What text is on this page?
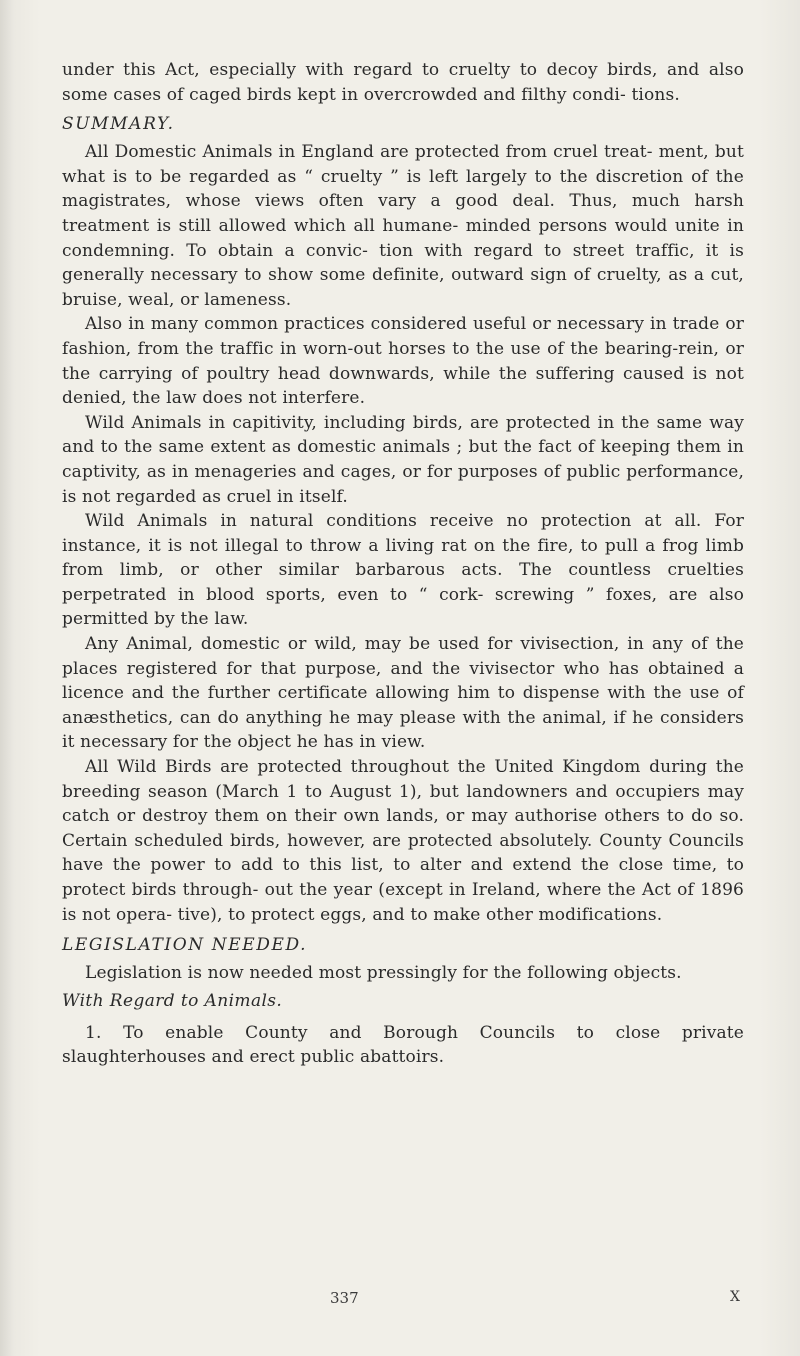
under this Act, especially with regard to cruelty to decoy birds, and also some cases of caged birds kept in overcrowded and filthy condi- tions.

SUMMARY.

All Domestic Animals in England are protected from cruel treat- ment, but what is to be regarded as “ cruelty ” is left largely to the discretion of the magistrates, whose views often vary a good deal. Thus, much harsh treatment is still allowed which all humane- minded persons would unite in condemning. To obtain a convic- tion with regard to street traffic, it is generally necessary to show some definite, outward sign of cruelty, as a cut, bruise, weal, or lameness.

Also in many common practices considered useful or necessary in trade or fashion, from the traffic in worn-out horses to the use of the bearing-rein, or the carrying of poultry head downwards, while the suffering caused is not denied, the law does not interfere.

Wild Animals in capitivity, including birds, are protected in the same way and to the same extent as domestic animals ; but the fact of keeping them in captivity, as in menageries and cages, or for purposes of public performance, is not regarded as cruel in itself.

Wild Animals in natural conditions receive no protection at all. For instance, it is not illegal to throw a living rat on the fire, to pull a frog limb from limb, or other similar barbarous acts. The countless cruelties perpetrated in blood sports, even to “ cork- screwing ” foxes, are also permitted by the law.

Any Animal, domestic or wild, may be used for vivisection, in any of the places registered for that purpose, and the vivisector who has obtained a licence and the further certificate allowing him to dispense with the use of anæsthetics, can do anything he may please with the animal, if he considers it necessary for the object he has in view.

All Wild Birds are protected throughout the United Kingdom during the breeding season (March 1 to August 1), but landowners and occupiers may catch or destroy them on their own lands, or may authorise others to do so. Certain scheduled birds, however, are protected absolutely. County Councils have the power to add to this list, to alter and extend the close time, to protect birds through- out the year (except in Ireland, where the Act of 1896 is not opera- tive), to protect eggs, and to make other modifications.

LEGISLATION NEEDED.

Legislation is now needed most pressingly for the following objects.

With Regard to Animals.

1. To enable County and Borough Councils to close private slaughterhouses and erect public abattoirs.

337	X
